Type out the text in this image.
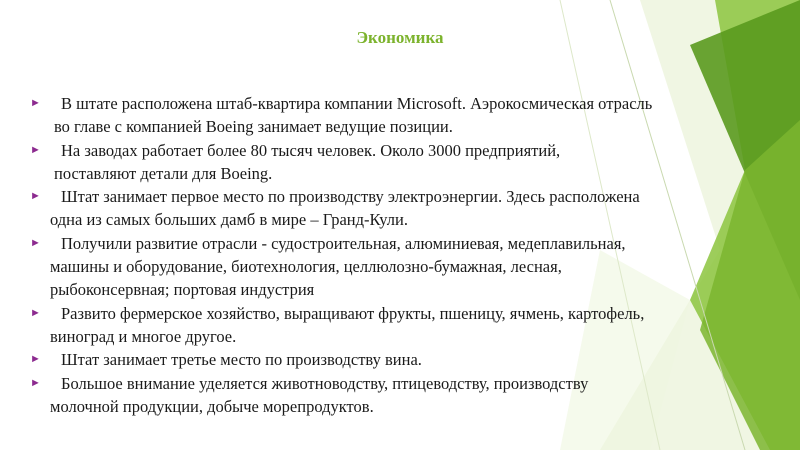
Экономика
► В штате расположена штаб-квартира компании Microsoft. Аэрокосмическая отрасль
во главе с компанией Boeing занимает ведущие позиции.
► На заводах работает более 80 тысяч человек. Около 3000 предприятий,
поставляют детали для Boeing.
► Штат занимает первое место по производству электроэнергии. Здесь расположена
одна из самых больших дамб в мире – Гранд-Кули.
► Получили развитие отрасли - судостроительная, алюминиевая, медеплавильная,
машины и оборудование, биотехнология, целлюлозно-бумажная, лесная,
рыбоконсервная; портовая индустрия
► Развито фермерское хозяйство, выращивают фрукты, пшеницу, ячмень, картофель,
виноград и многое другое.
► Штат занимает третье место по производству вина.
► Большое внимание уделяется животноводству, птицеводству, производству
молочной продукции, добыче морепродуктов.
